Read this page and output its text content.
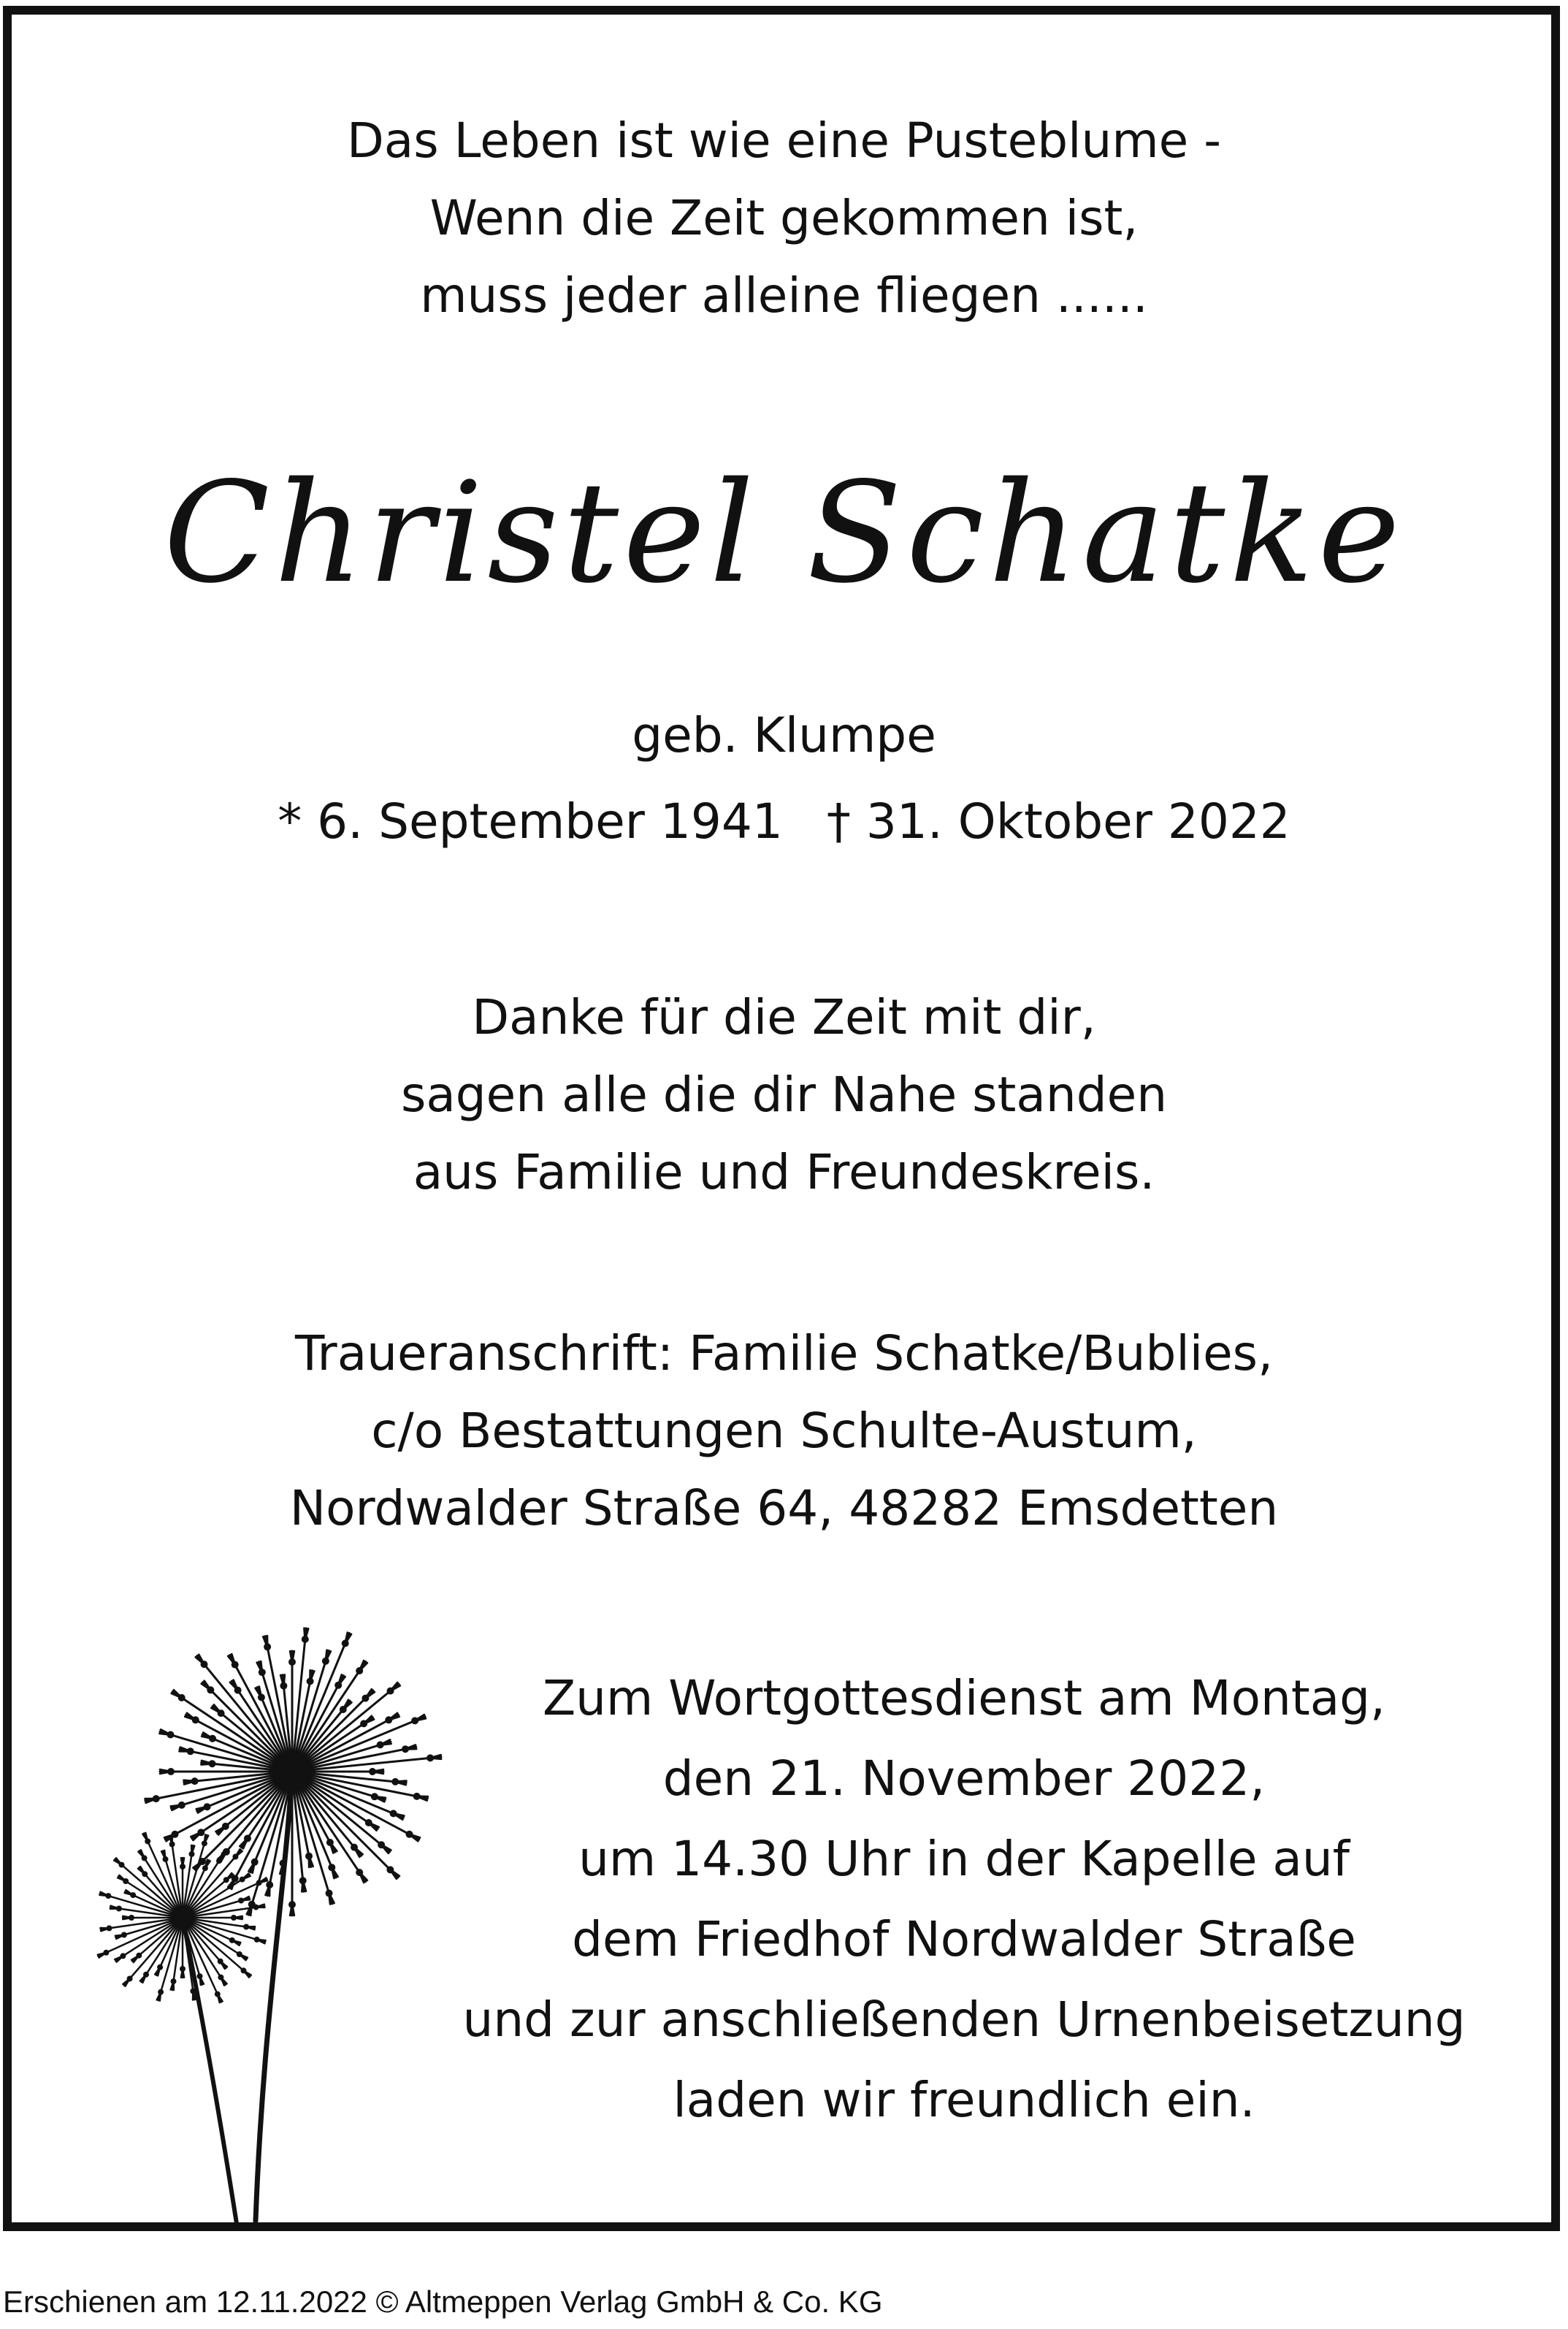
Das Leben ist wie eine Pusteblume -
Wenn die Zeit gekommen ist,
muss jeder alleine fliegen ......
Christel Schatke
geb. Klumpe
* 6. September 1941 † 31. Oktober 2022
Danke für die Zeit mit dir,
sagen alle die dir Nahe standen
aus Familie und Freundeskreis.
Traueranschrift: Familie Schatke/Bublies,
c/o Bestattungen Schulte-Austum,
Nordwalder Straße 64, 48282 Emsdetten
Zum Wortgottesdienst am Montag,
den 21. November 2022,
um 14.30 Uhr in der Kapelle auf
dem Friedhof Nordwalder Straße
und zur anschließenden Urnenbeisetzung
laden wir freundlich ein.
Erschienen am 12.11.2022 © Altmeppen Verlag GmbH & Co. KG
